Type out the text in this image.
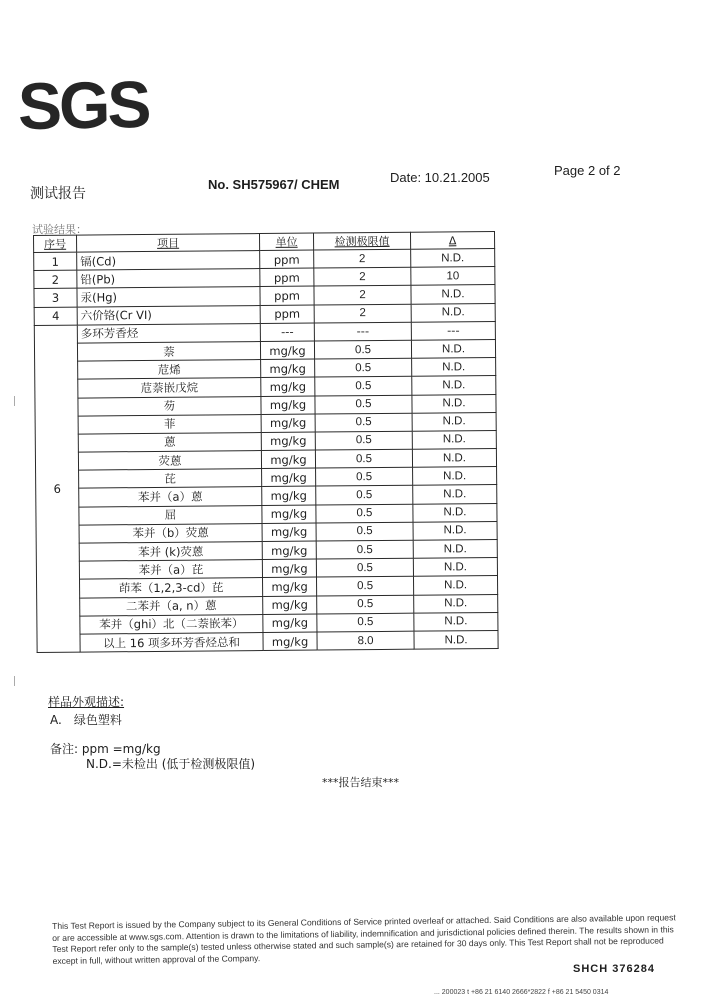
SGS
测试报告
No. SH575967/ CHEM	Date: 10.21.2005	Page 2 of 2
试验结果：
序号	项目	单位	检测极限值	Δ
1	镉(Cd)	ppm	2	N.D.
2	铅(Pb)	ppm	2	10
3	汞(Hg)	ppm	2	N.D.
4	六价铬(Cr VI)	ppm	2	N.D.
6	多环芳香烃	---	---	---
	萘	mg/kg	0.5	N.D.
	苊烯	mg/kg	0.5	N.D.
	苊萘嵌戊烷	mg/kg	0.5	N.D.
	芴	mg/kg	0.5	N.D.
	菲	mg/kg	0.5	N.D.
	蒽	mg/kg	0.5	N.D.
	荧蒽	mg/kg	0.5	N.D.
	芘	mg/kg	0.5	N.D.
	苯并（a）蒽	mg/kg	0.5	N.D.
	屈	mg/kg	0.5	N.D.
	苯并（b）荧蒽	mg/kg	0.5	N.D.
	苯并 (k)荧蒽	mg/kg	0.5	N.D.
	苯并（a）芘	mg/kg	0.5	N.D.
	茚苯（1,2,3-cd）芘	mg/kg	0.5	N.D.
	二苯并（a, n）蒽	mg/kg	0.5	N.D.
	苯并（ghi）北（二萘嵌苯）	mg/kg	0.5	N.D.
	以上 16 项多环芳香烃总和	mg/kg	8.0	N.D.
样品外观描述:
A.　绿色塑料
备注: ppm =mg/kg
N.D.=未检出 (低于检测极限值)
***报告结束***
This Test Report is issued by the Company subject to its General Conditions of Service printed overleaf or attached. Said Conditions are also available upon request or are accessible at www.sgs.com. Attention is drawn to the limitations of liability, indemnification and jurisdictional policies defined therein. The results shown in this Test Report refer only to the sample(s) tested unless otherwise stated and such sample(s) are retained for 30 days only. This Test Report shall not be reproduced except in full, without written approval of the Company.
SHCH 376284
... 200023 t +86 21 6140 2666*2822 f +86 21 5450 0314
